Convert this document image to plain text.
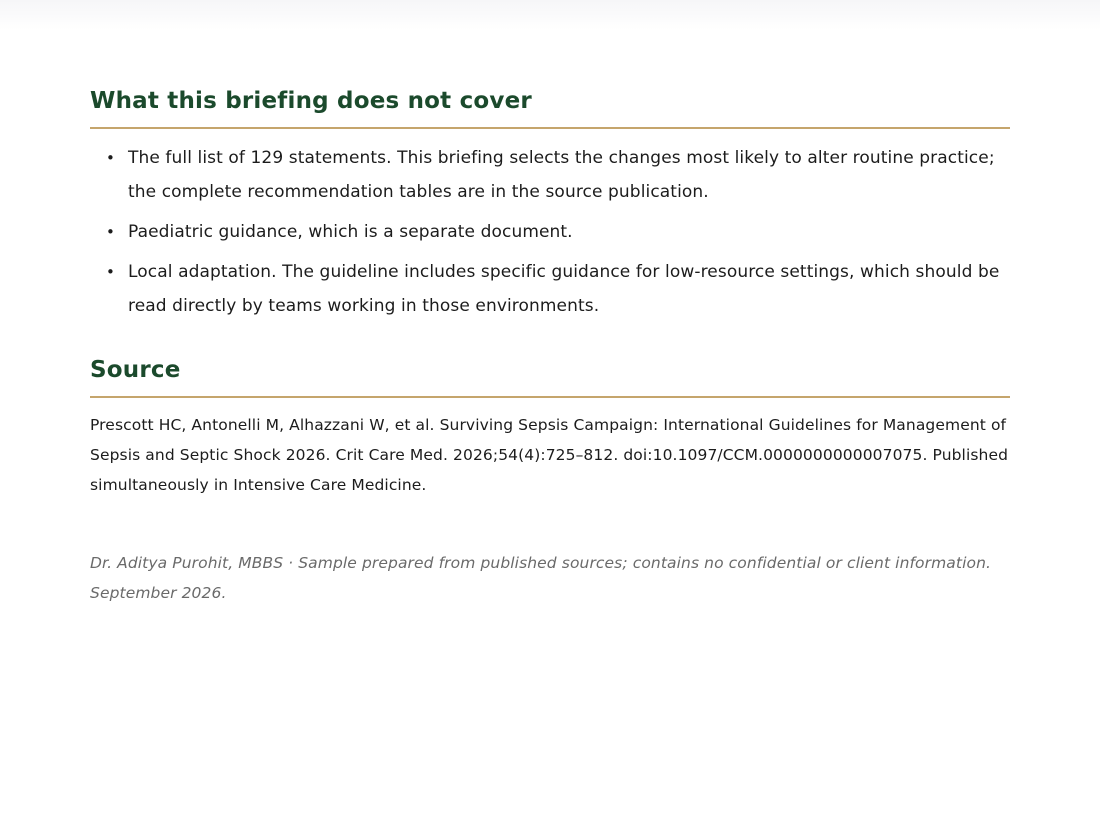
What this briefing does not cover
• The full list of 129 statements. This briefing selects the changes most likely to alter routine practice; the complete recommendation tables are in the source publication.
• Paediatric guidance, which is a separate document.
• Local adaptation. The guideline includes specific guidance for low-resource settings, which should be read directly by teams working in those environments.
Source

Prescott HC, Antonelli M, Alhazzani W, et al. Surviving Sepsis Campaign: International Guidelines for Management of Sepsis and Septic Shock 2026. Crit Care Med. 2026;54(4):725–812. doi:10.1097/CCM.0000000000007075. Published simultaneously in Intensive Care Medicine.

Dr. Aditya Purohit, MBBS · Sample prepared from published sources; contains no confidential or client information. September 2026.
